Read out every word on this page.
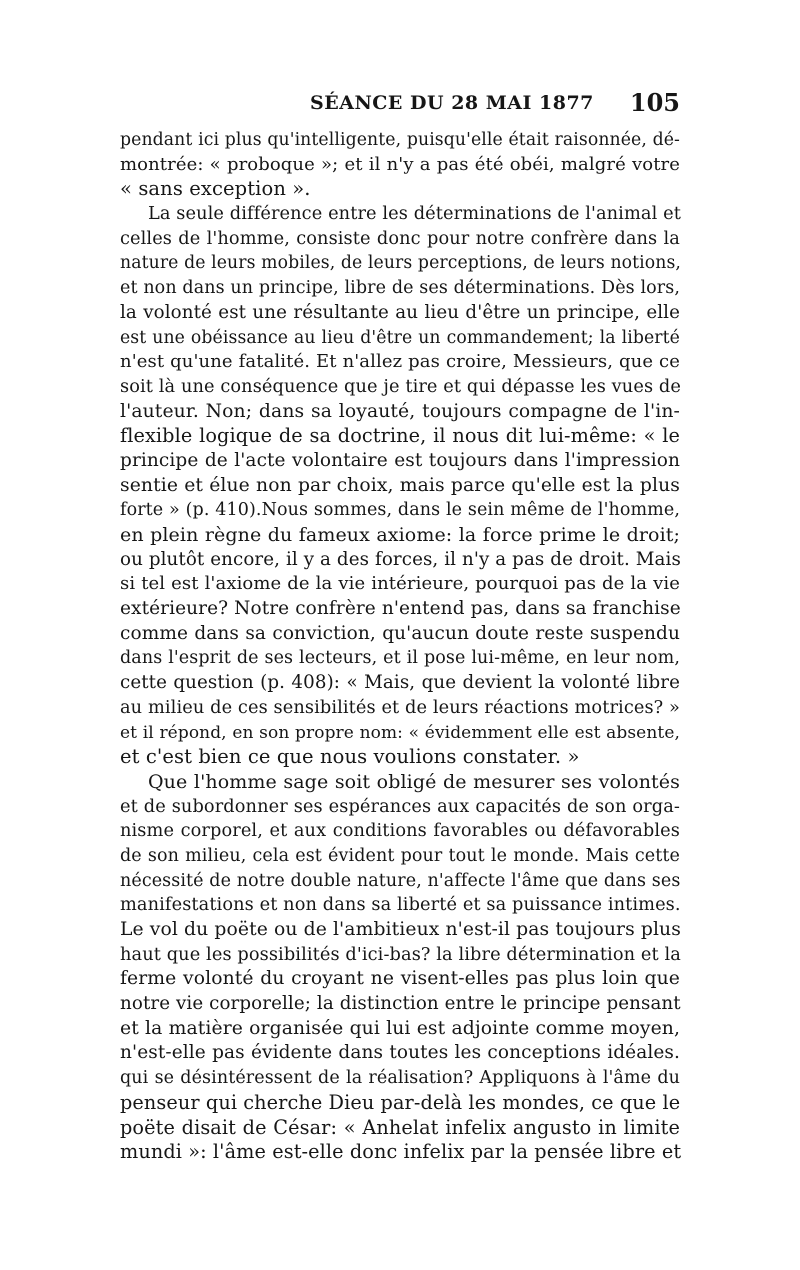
SÉANCE DU 28 MAI 1877 105
pendant ici plus qu'intelligente, puisqu'elle était raisonnée, dé-
montrée: « proboque »; et il n'y a pas été obéi, malgré votre
« sans exception ».
La seule différence entre les déterminations de l'animal et
celles de l'homme, consiste donc pour notre confrère dans la
nature de leurs mobiles, de leurs perceptions, de leurs notions,
et non dans un principe, libre de ses déterminations. Dès lors,
la volonté est une résultante au lieu d'être un principe, elle
est une obéissance au lieu d'être un commandement; la liberté
n'est qu'une fatalité. Et n'allez pas croire, Messieurs, que ce
soit là une conséquence que je tire et qui dépasse les vues de
l'auteur. Non; dans sa loyauté, toujours compagne de l'in-
flexible logique de sa doctrine, il nous dit lui-même: « le
principe de l'acte volontaire est toujours dans l'impression
sentie et élue non par choix, mais parce qu'elle est la plus
forte » (p. 410).Nous sommes, dans le sein même de l'homme,
en plein règne du fameux axiome: la force prime le droit;
ou plutôt encore, il y a des forces, il n'y a pas de droit. Mais
si tel est l'axiome de la vie intérieure, pourquoi pas de la vie
extérieure? Notre confrère n'entend pas, dans sa franchise
comme dans sa conviction, qu'aucun doute reste suspendu
dans l'esprit de ses lecteurs, et il pose lui-même, en leur nom,
cette question (p. 408): « Mais, que devient la volonté libre
au milieu de ces sensibilités et de leurs réactions motrices? »
et il répond, en son propre nom: « évidemment elle est absente,
et c'est bien ce que nous voulions constater. »
Que l'homme sage soit obligé de mesurer ses volontés
et de subordonner ses espérances aux capacités de son orga-
nisme corporel, et aux conditions favorables ou défavorables
de son milieu, cela est évident pour tout le monde. Mais cette
nécessité de notre double nature, n'affecte l'âme que dans ses
manifestations et non dans sa liberté et sa puissance intimes.
Le vol du poëte ou de l'ambitieux n'est-il pas toujours plus
haut que les possibilités d'ici-bas? la libre détermination et la
ferme volonté du croyant ne visent-elles pas plus loin que
notre vie corporelle; la distinction entre le principe pensant
et la matière organisée qui lui est adjointe comme moyen,
n'est-elle pas évidente dans toutes les conceptions idéales.
qui se désintéressent de la réalisation? Appliquons à l'âme du
penseur qui cherche Dieu par-delà les mondes, ce que le
poëte disait de César: « Anhelat infelix angusto in limite
mundi »: l'âme est-elle donc infelix par la pensée libre et
